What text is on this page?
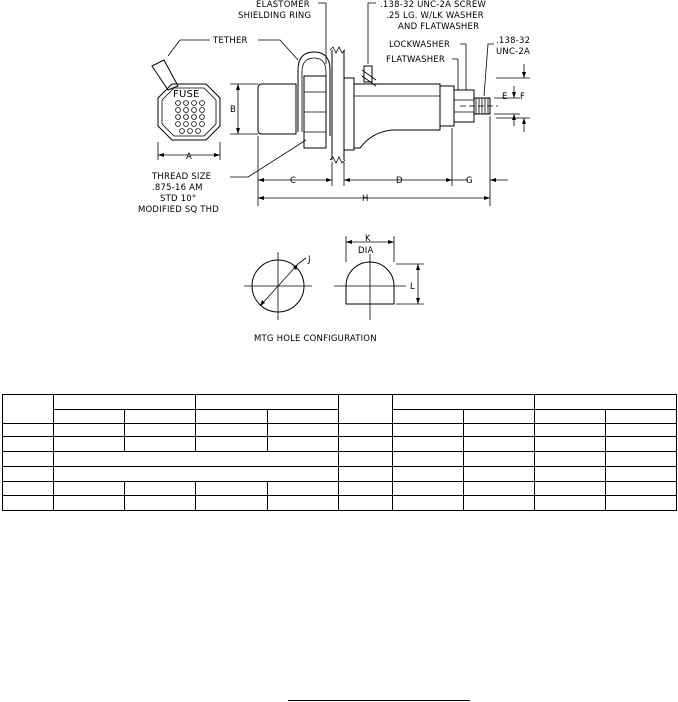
FUSE
A
B
E F
C	D	G
H
ELASTOMER
SHIELDING RING
.138-32 UNC-2A SCREW
.25 LG. W/LK WASHER
AND FLATWASHER
TETHER	LOCKWASHER
FLATWASHER
.138-32
UNC-2A
THREAD SIZE
.875-16 AM
STD 10°
MODIFIED SQ THD
J
K
DIA
L
MTG HOLE CONFIGURATION
